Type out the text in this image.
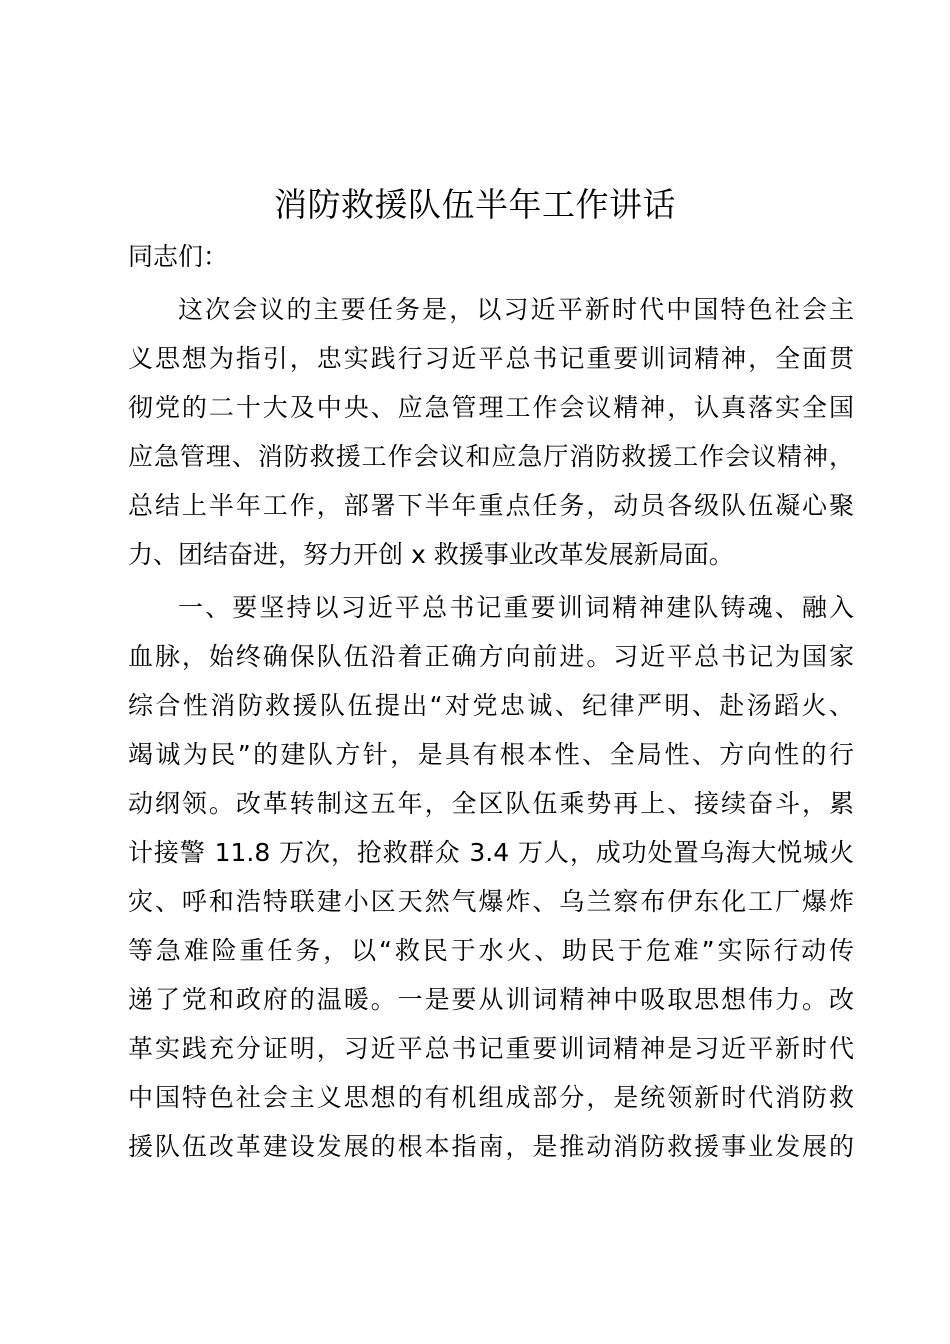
消防救援队伍半年工作讲话
同志们：
这次会议的主要任务是，以习近平新时代中国特色社会主
义思想为指引，忠实践行习近平总书记重要训词精神，全面贯
彻党的二十大及中央、应急管理工作会议精神，认真落实全国
应急管理、消防救援工作会议和应急厅消防救援工作会议精神，
总结上半年工作，部署下半年重点任务，动员各级队伍凝心聚
力、团结奋进，努力开创 x 救援事业改革发展新局面。
一、要坚持以习近平总书记重要训词精神建队铸魂、融入
血脉，始终确保队伍沿着正确方向前进。习近平总书记为国家
综合性消防救援队伍提出“对党忠诚、纪律严明、赴汤蹈火、
竭诚为民”的建队方针，是具有根本性、全局性、方向性的行
动纲领。改革转制这五年，全区队伍乘势再上、接续奋斗，累
计接警 11.8 万次，抢救群众 3.4 万人，成功处置乌海大悦城火
灾、呼和浩特联建小区天然气爆炸、乌兰察布伊东化工厂爆炸
等急难险重任务，以“救民于水火、助民于危难”实际行动传
递了党和政府的温暖。一是要从训词精神中吸取思想伟力。改
革实践充分证明，习近平总书记重要训词精神是习近平新时代
中国特色社会主义思想的有机组成部分，是统领新时代消防救
援队伍改革建设发展的根本指南，是推动消防救援事业发展的
